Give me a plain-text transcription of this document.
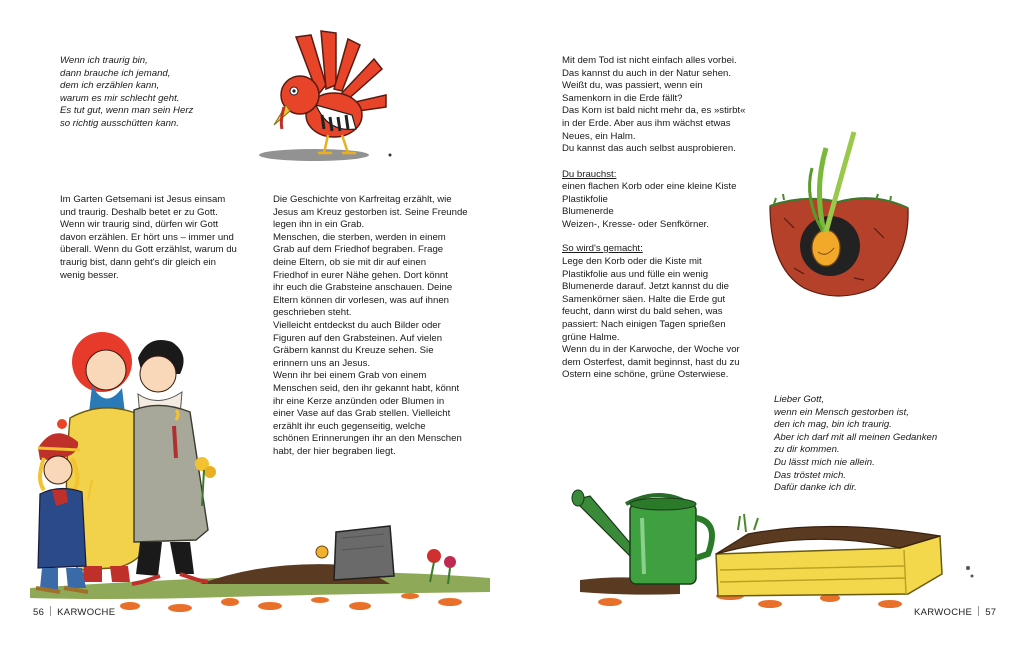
Wenn ich traurig bin,
dann brauche ich jemand,
dem ich erzählen kann,
warum es mir schlecht geht.
Es tut gut, wenn man sein Herz
so richtig ausschütten kann.

Im Garten Getsemani ist Jesus einsam
und traurig. Deshalb betet er zu Gott.
Wenn wir traurig sind, dürfen wir Gott
davon erzählen. Er hört uns – immer und
überall. Wenn du Gott erzählst, warum du
traurig bist, dann geht's dir gleich ein
wenig besser.

Die Geschichte von Karfreitag erzählt, wie
Jesus am Kreuz gestorben ist. Seine Freunde
legen ihn in ein Grab.
Menschen, die sterben, werden in einem
Grab auf dem Friedhof begraben. Frage
deine Eltern, ob sie mit dir auf einen
Friedhof in eurer Nähe gehen. Dort könnt
ihr euch die Grabsteine anschauen. Deine
Eltern können dir vorlesen, was auf ihnen
geschrieben steht.
Vielleicht entdeckst du auch Bilder oder
Figuren auf den Grabsteinen. Auf vielen
Gräbern kannst du Kreuze sehen. Sie
erinnern uns an Jesus.
Wenn ihr bei einem Grab von einem
Menschen seid, den ihr gekannt habt, könnt
ihr eine Kerze anzünden oder Blumen in
einer Vase auf das Grab stellen. Vielleicht
erzählt ihr euch gegenseitig, welche
schönen Erinnerungen ihr an den Menschen
habt, der hier begraben liegt.

Mit dem Tod ist nicht einfach alles vorbei.
Das kannst du auch in der Natur sehen.
Weißt du, was passiert, wenn ein
Samenkorn in die Erde fällt?
Das Korn ist bald nicht mehr da, es »stirbt«
in der Erde. Aber aus ihm wächst etwas
Neues, ein Halm.
Du kannst das auch selbst ausprobieren.

Du brauchst:

einen flachen Korb oder eine kleine Kiste
Plastikfolie
Blumenerde
Weizen-, Kresse- oder Senfkörner.

So wird's gemacht:

Lege den Korb oder die Kiste mit
Plastikfolie aus und fülle ein wenig
Blumenerde darauf. Jetzt kannst du die
Samenkörner säen. Halte die Erde gut
feucht, dann wirst du bald sehen, was
passiert: Nach einigen Tagen sprießen
grüne Halme.
Wenn du in der Karwoche, der Woche vor
dem Osterfest, damit beginnst, hast du zu
Ostern eine schöne, grüne Osterwiese.

Lieber Gott,
wenn ein Mensch gestorben ist,
den ich mag, bin ich traurig.
Aber ich darf mit all meinen Gedanken
zu dir kommen.
Du lässt mich nie allein.
Das tröstet mich.
Dafür danke ich dir.

56 KARWOCHE	KARWOCHE 57
